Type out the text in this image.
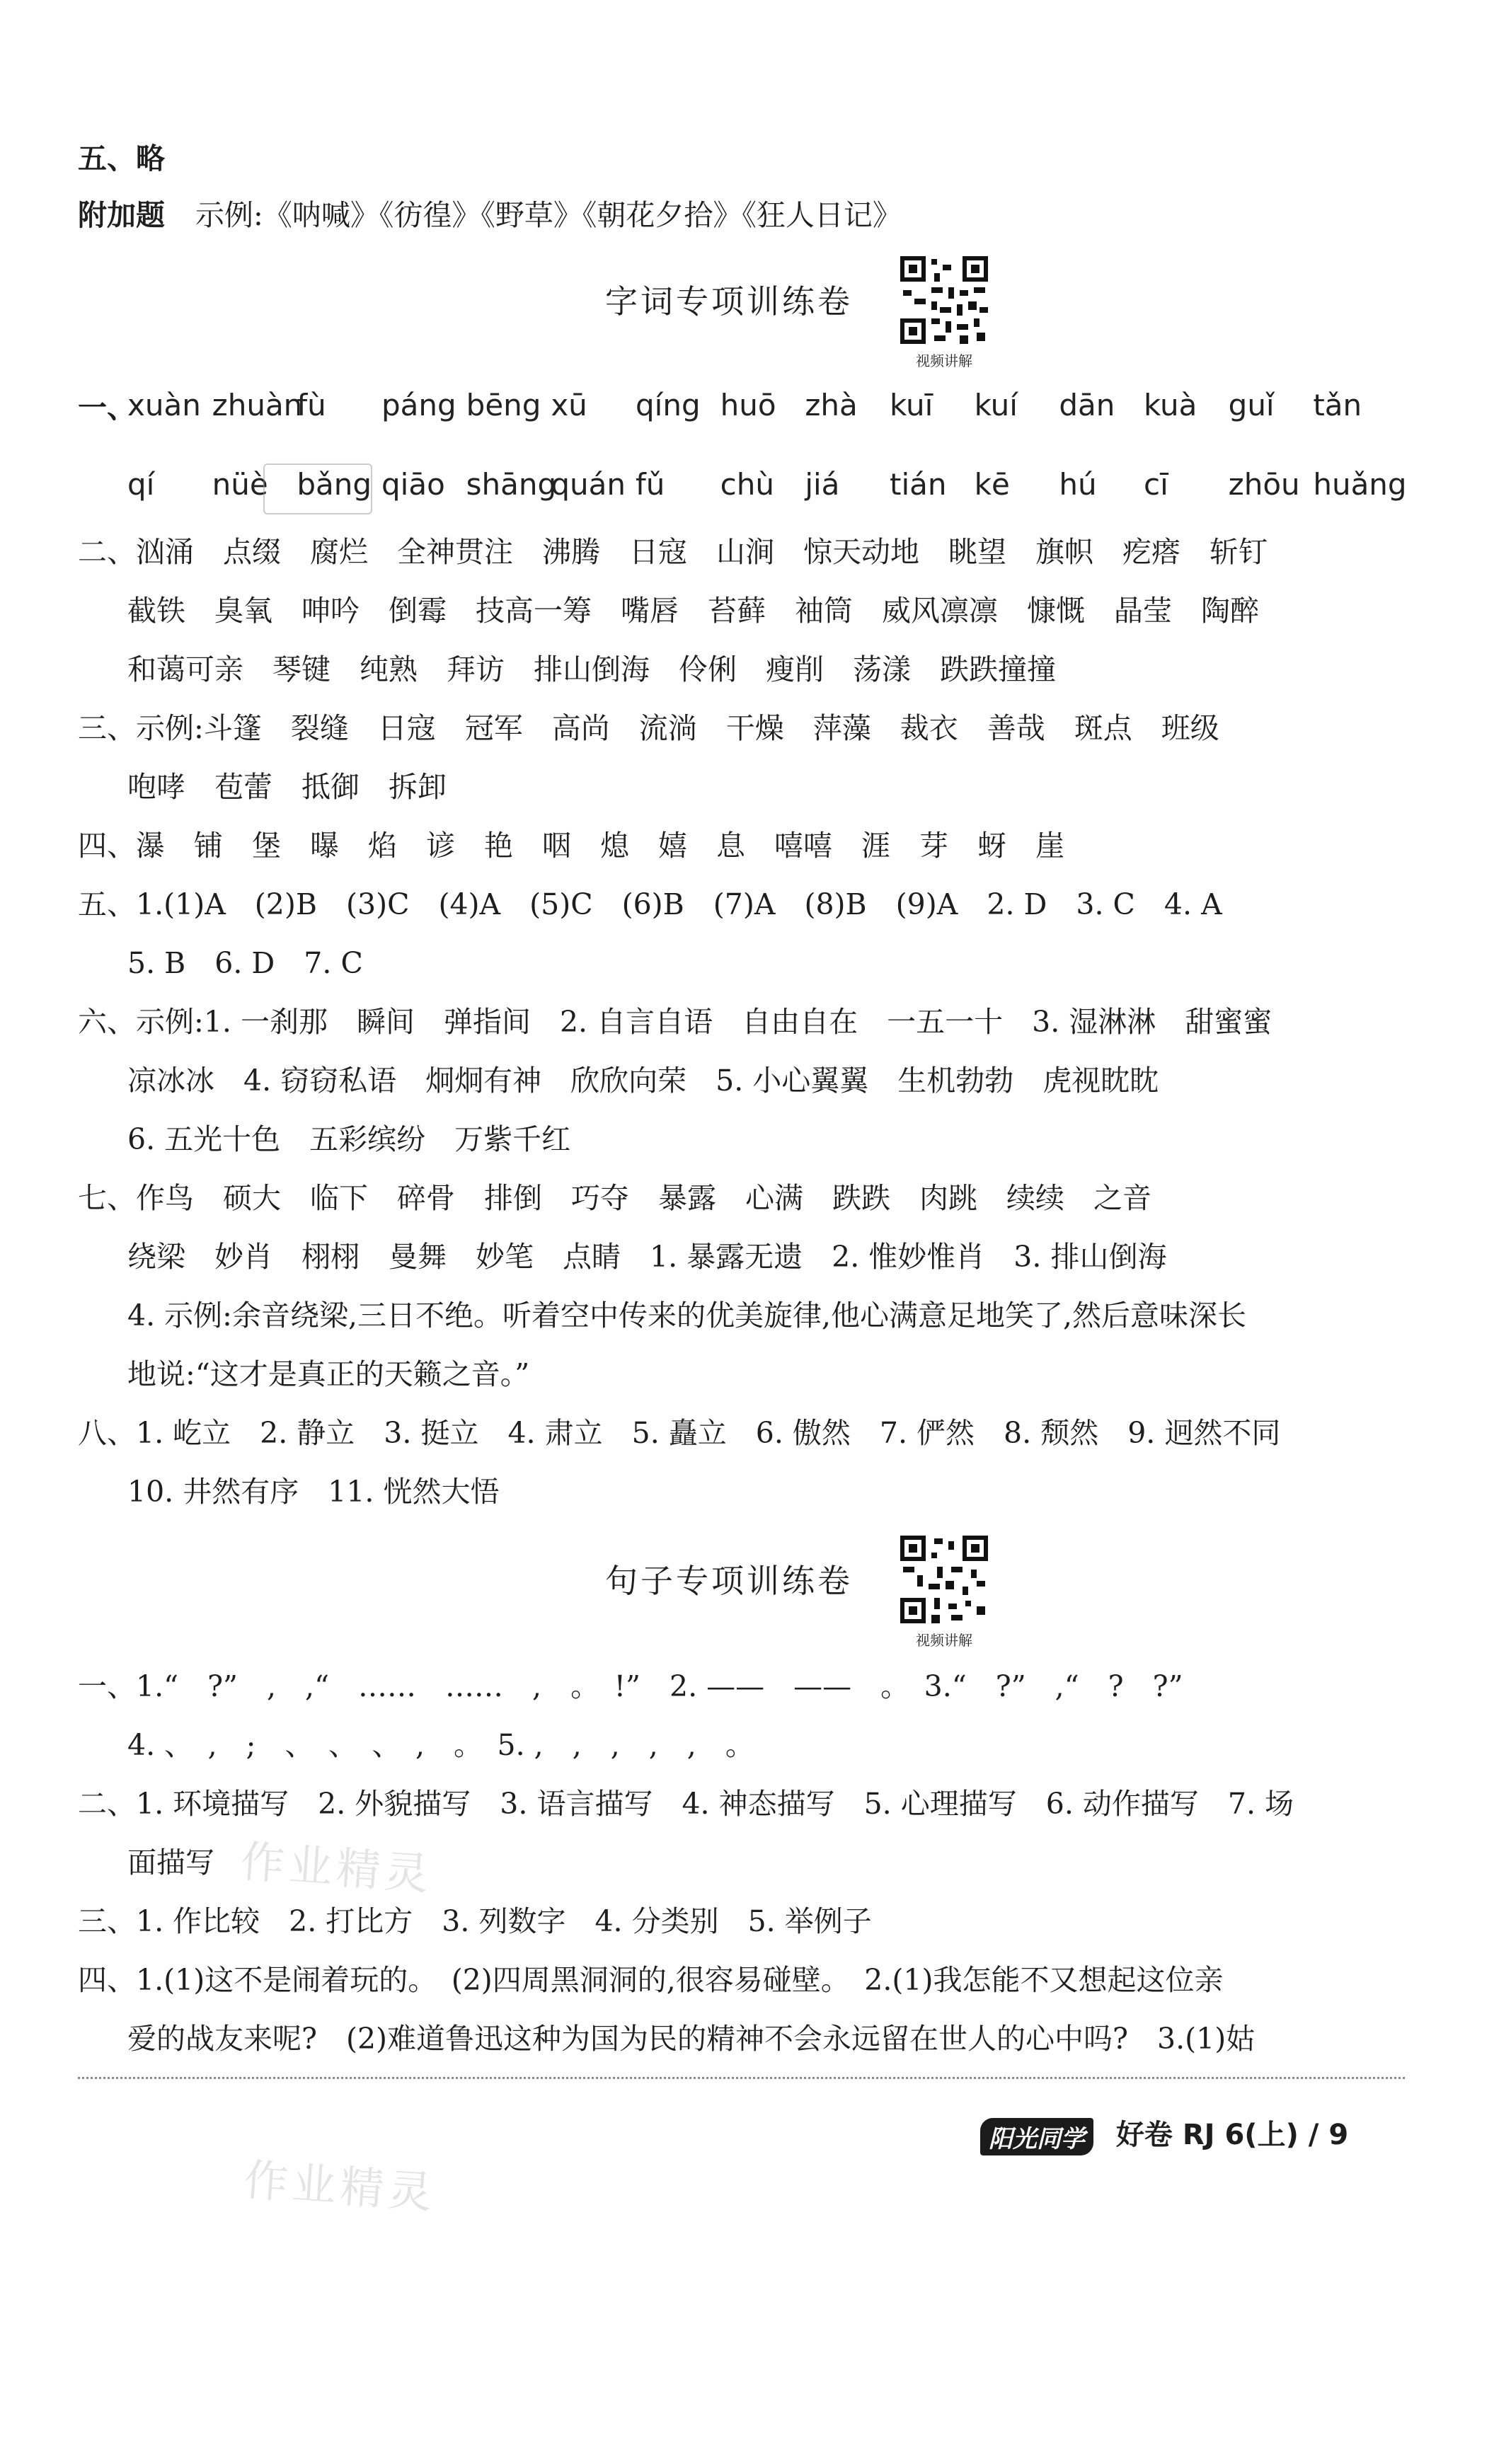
五、略
附加题 示例:《呐喊》《彷徨》《野草》《朝花夕拾》《狂人日记》
字词专项训练卷
视频讲解
一、
xuàn zhuàn
fù páng bēng xū qíng huō zhà kuī kuí dān kuà guǐ tǎn
qí nüè bǎng qiāo shāng
quán fǔ chù jiá tián kē hú cī zhōu huǎng
二、汹涌　点缀　腐烂　全神贯注　沸腾　日寇　山涧　惊天动地　眺望　旗帜　疙瘩　斩钉
截铁　臭氧　呻吟　倒霉　技高一筹　嘴唇　苔藓　袖筒　威风凛凛　慷慨　晶莹　陶醉
和蔼可亲　琴键　纯熟　拜访　排山倒海　伶俐　瘦削　荡漾　跌跌撞撞
三、示例:斗篷　裂缝　日寇　冠军　高尚　流淌　干燥　萍藻　裁衣　善哉　斑点　班级
咆哮　苞蕾　抵御　拆卸
四、瀑　铺　堡　曝　焰　谚　艳　咽　熄　嬉　息　嘻嘻　涯　芽　蚜　崖
五、1.(1)A　(2)B　(3)C　(4)A　(5)C　(6)B　(7)A　(8)B　(9)A　2. D　3. C　4. A
5. B　6. D　7. C
六、示例:1. 一刹那　瞬间　弹指间　2. 自言自语　自由自在　一五一十　3. 湿淋淋　甜蜜蜜
凉冰冰　4. 窃窃私语　炯炯有神　欣欣向荣　5. 小心翼翼　生机勃勃　虎视眈眈
6. 五光十色　五彩缤纷　万紫千红
七、作鸟　硕大　临下　碎骨　排倒　巧夺　暴露　心满　跌跌　肉跳　续续　之音
绕梁　妙肖　栩栩　曼舞　妙笔　点睛　1. 暴露无遗　2. 惟妙惟肖　3. 排山倒海
4. 示例:余音绕梁,三日不绝。听着空中传来的优美旋律,他心满意足地笑了,然后意味深长
地说:“这才是真正的天籁之音。”
八、1. 屹立　2. 静立　3. 挺立　4. 肃立　5. 矗立　6. 傲然　7. 俨然　8. 颓然　9. 迥然不同
10. 井然有序　11. 恍然大悟
句子专项训练卷
视频讲解
一、1.“　?”　,　,“　……　……　,　。　!”　2. ——　——　。　3.“　?”　,“　?　?”
4. 、　,　;　、　、　、　,　。　5. ,　,　,　,　,　。
二、1. 环境描写　2. 外貌描写　3. 语言描写　4. 神态描写　5. 心理描写　6. 动作描写　7. 场
面描写
三、1. 作比较　2. 打比方　3. 列数字　4. 分类别　5. 举例子
四、1.(1)这不是闹着玩的。　(2)四周黑洞洞的,很容易碰壁。　2.(1)我怎能不又想起这位亲
爱的战友来呢?　(2)难道鲁迅这种为国为民的精神不会永远留在世人的心中吗?　3.(1)姑
阳光同学 好卷 RJ 6(上) / 9
作业精灵
作业精灵
